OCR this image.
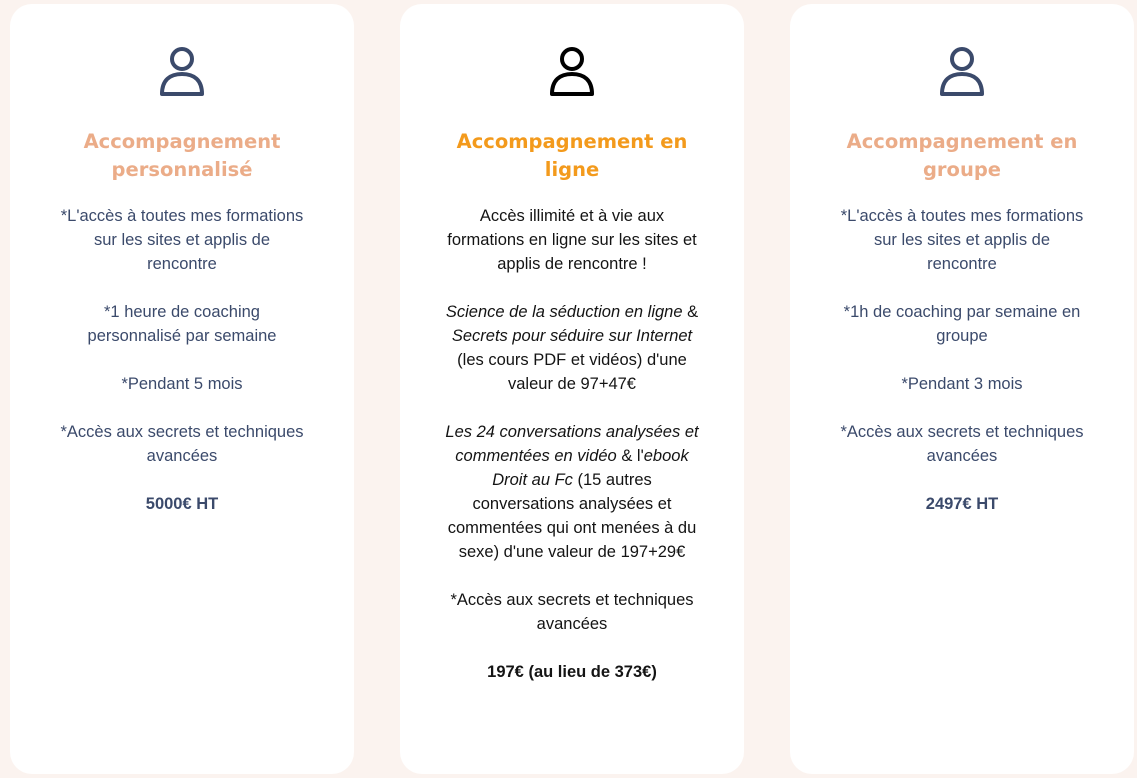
Accompagnement personnalisé

*L'accès à toutes mes formations sur les sites et applis de rencontre

*1 heure de coaching personnalisé par semaine

*Pendant 5 mois

*Accès aux secrets et techniques avancées

5000€ HT

Accompagnement en ligne

Accès illimité et à vie aux formations en ligne sur les sites et applis de rencontre !

Science de la séduction en ligne & Secrets pour séduire sur Internet (les cours PDF et vidéos) d'une valeur de 97+47€

Les 24 conversations analysées et commentées en vidéo & l'ebook Droit au Fc (15 autres conversations analysées et commentées qui ont menées à du sexe) d'une valeur de 197+29€

*Accès aux secrets et techniques avancées

197€ (au lieu de 373€)

Accompagnement en groupe

*L'accès à toutes mes formations sur les sites et applis de rencontre

*1h de coaching par semaine en groupe

*Pendant 3 mois

*Accès aux secrets et techniques avancées

2497€ HT
